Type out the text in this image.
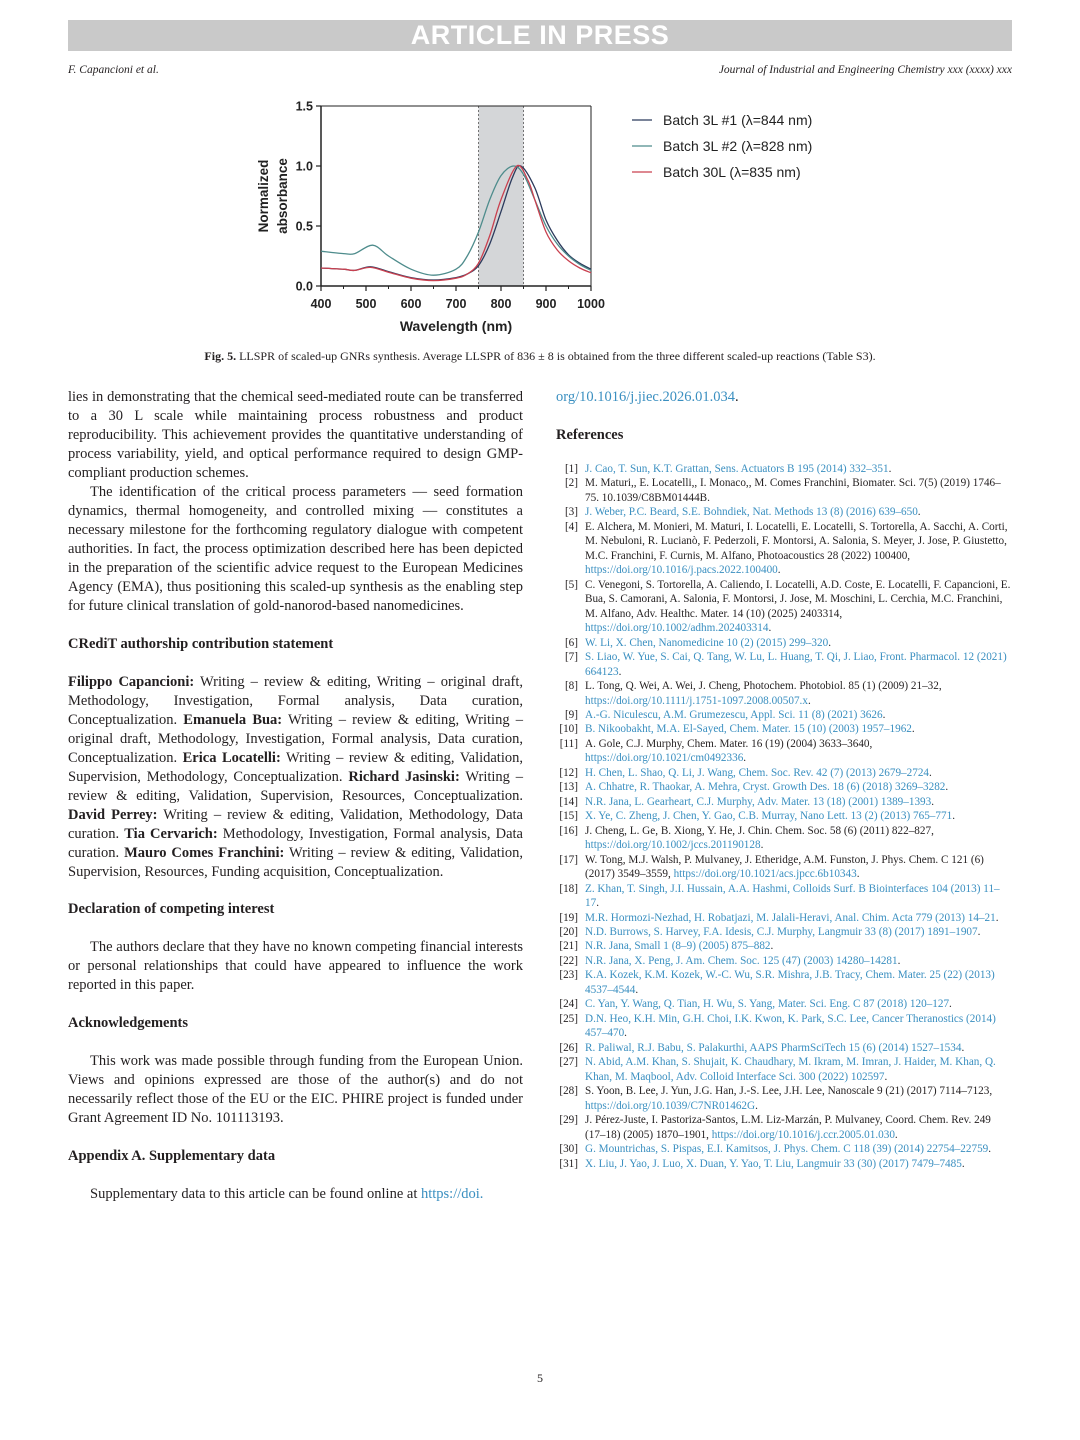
ARTICLE IN PRESS
F. Capancioni et al.	Journal of Industrial and Engineering Chemistry xxx (xxxx) xxx
400 500 600 700 800 900 1000
0.0
0.5
1.0
1.5
Wavelength (nm)
Normalized absorbance
Batch 3L #1 (λ=844 nm)
Batch 3L #2 (λ=828 nm)
Batch 30L (λ=835 nm)
Fig. 5. LLSPR of scaled-up GNRs synthesis. Average LLSPR of 836 ± 8 is obtained from the three different scaled-up reactions (Table S3).

lies in demonstrating that the chemical seed-mediated route can be transferred to a 30 L scale while maintaining process robustness and product reproducibility. This achievement provides the quantitative understanding of process variability, yield, and optical performance required to design GMP-compliant production schemes.

The identification of the critical process parameters — seed formation dynamics, thermal homogeneity, and controlled mixing — constitutes a necessary milestone for the forthcoming regulatory dialogue with competent authorities. In fact, the process optimization described here has been depicted in the preparation of the scientific advice request to the European Medicines Agency (EMA), thus positioning this scaled-up synthesis as the enabling step for future clinical translation of gold-nanorod-based nanomedicines.

CRediT authorship contribution statement

Filippo Capancioni: Writing – review & editing, Writing – original draft, Methodology, Investigation, Formal analysis, Data curation, Conceptualization. Emanuela Bua: Writing – review & editing, Writing – original draft, Methodology, Investigation, Formal analysis, Data curation, Conceptualization. Erica Locatelli: Writing – review & editing, Validation, Supervision, Methodology, Conceptualization. Richard Jasinski: Writing – review & editing, Validation, Supervision, Resources, Conceptualization. David Perrey: Writing – review & editing, Validation, Methodology, Data curation. Tia Cervarich: Methodology, Investigation, Formal analysis, Data curation. Mauro Comes Franchini: Writing – review & editing, Validation, Supervision, Resources, Funding acquisition, Conceptualization.

Declaration of competing interest

The authors declare that they have no known competing financial interests or personal relationships that could have appeared to influence the work reported in this paper.

Acknowledgements

This work was made possible through funding from the European Union. Views and opinions expressed are those of the author(s) and do not necessarily reflect those of the EU or the EIC. PHIRE project is funded under Grant Agreement ID No. 101113193.

Appendix A. Supplementary data

Supplementary data to this article can be found online at https://doi.

org/10.1016/j.jiec.2026.01.034.

References
[1] J. Cao, T. Sun, K.T. Grattan, Sens. Actuators B 195 (2014) 332–351.
[2] M. Maturi,, E. Locatelli,, I. Monaco,, M. Comes Franchini, Biomater. Sci. 7(5) (2019) 1746–75. 10.1039/C8BM01444B.
[3] J. Weber, P.C. Beard, S.E. Bohndiek, Nat. Methods 13 (8) (2016) 639–650.
[4] E. Alchera, M. Monieri, M. Maturi, I. Locatelli, E. Locatelli, S. Tortorella, A. Sacchi, A. Corti, M. Nebuloni, R. Lucianò, F. Pederzoli, F. Montorsi, A. Salonia, S. Meyer, J. Jose, P. Giustetto, M.C. Franchini, F. Curnis, M. Alfano, Photoacoustics 28 (2022) 100400, https://doi.org/10.1016/j.pacs.2022.100400.
[5] C. Venegoni, S. Tortorella, A. Caliendo, I. Locatelli, A.D. Coste, E. Locatelli, F. Capancioni, E. Bua, S. Camorani, A. Salonia, F. Montorsi, J. Jose, M. Moschini, L. Cerchia, M.C. Franchini, M. Alfano, Adv. Healthc. Mater. 14 (10) (2025) 2403314, https://doi.org/10.1002/adhm.202403314.
[6] W. Li, X. Chen, Nanomedicine 10 (2) (2015) 299–320.
[7] S. Liao, W. Yue, S. Cai, Q. Tang, W. Lu, L. Huang, T. Qi, J. Liao, Front. Pharmacol. 12 (2021) 664123.
[8] L. Tong, Q. Wei, A. Wei, J. Cheng, Photochem. Photobiol. 85 (1) (2009) 21–32, https://doi.org/10.1111/j.1751-1097.2008.00507.x.
[9] A.-G. Niculescu, A.M. Grumezescu, Appl. Sci. 11 (8) (2021) 3626.
[10] B. Nikoobakht, M.A. El-Sayed, Chem. Mater. 15 (10) (2003) 1957–1962.
[11] A. Gole, C.J. Murphy, Chem. Mater. 16 (19) (2004) 3633–3640, https://doi.org/10.1021/cm0492336.
[12] H. Chen, L. Shao, Q. Li, J. Wang, Chem. Soc. Rev. 42 (7) (2013) 2679–2724.
[13] A. Chhatre, R. Thaokar, A. Mehra, Cryst. Growth Des. 18 (6) (2018) 3269–3282.
[14] N.R. Jana, L. Gearheart, C.J. Murphy, Adv. Mater. 13 (18) (2001) 1389–1393.
[15] X. Ye, C. Zheng, J. Chen, Y. Gao, C.B. Murray, Nano Lett. 13 (2) (2013) 765–771.
[16] J. Cheng, L. Ge, B. Xiong, Y. He, J. Chin. Chem. Soc. 58 (6) (2011) 822–827, https://doi.org/10.1002/jccs.201190128.
[17] W. Tong, M.J. Walsh, P. Mulvaney, J. Etheridge, A.M. Funston, J. Phys. Chem. C 121 (6) (2017) 3549–3559, https://doi.org/10.1021/acs.jpcc.6b10343.
[18] Z. Khan, T. Singh, J.I. Hussain, A.A. Hashmi, Colloids Surf. B Biointerfaces 104 (2013) 11–17.
[19] M.R. Hormozi-Nezhad, H. Robatjazi, M. Jalali-Heravi, Anal. Chim. Acta 779 (2013) 14–21.
[20] N.D. Burrows, S. Harvey, F.A. Idesis, C.J. Murphy, Langmuir 33 (8) (2017) 1891–1907.
[21] N.R. Jana, Small 1 (8–9) (2005) 875–882.
[22] N.R. Jana, X. Peng, J. Am. Chem. Soc. 125 (47) (2003) 14280–14281.
[23] K.A. Kozek, K.M. Kozek, W.-C. Wu, S.R. Mishra, J.B. Tracy, Chem. Mater. 25 (22) (2013) 4537–4544.
[24] C. Yan, Y. Wang, Q. Tian, H. Wu, S. Yang, Mater. Sci. Eng. C 87 (2018) 120–127.
[25] D.N. Heo, K.H. Min, G.H. Choi, I.K. Kwon, K. Park, S.C. Lee, Cancer Theranostics (2014) 457–470.
[26] R. Paliwal, R.J. Babu, S. Palakurthi, AAPS PharmSciTech 15 (6) (2014) 1527–1534.
[27] N. Abid, A.M. Khan, S. Shujait, K. Chaudhary, M. Ikram, M. Imran, J. Haider, M. Khan, Q. Khan, M. Maqbool, Adv. Colloid Interface Sci. 300 (2022) 102597.
[28] S. Yoon, B. Lee, J. Yun, J.G. Han, J.-S. Lee, J.H. Lee, Nanoscale 9 (21) (2017) 7114–7123, https://doi.org/10.1039/C7NR01462G.
[29] J. Pérez-Juste, I. Pastoriza-Santos, L.M. Liz-Marzán, P. Mulvaney, Coord. Chem. Rev. 249 (17–18) (2005) 1870–1901, https://doi.org/10.1016/j.ccr.2005.01.030.
[30] G. Mountrichas, S. Pispas, E.I. Kamitsos, J. Phys. Chem. C 118 (39) (2014) 22754–22759.
[31] X. Liu, J. Yao, J. Luo, X. Duan, Y. Yao, T. Liu, Langmuir 33 (30) (2017) 7479–7485.
5
